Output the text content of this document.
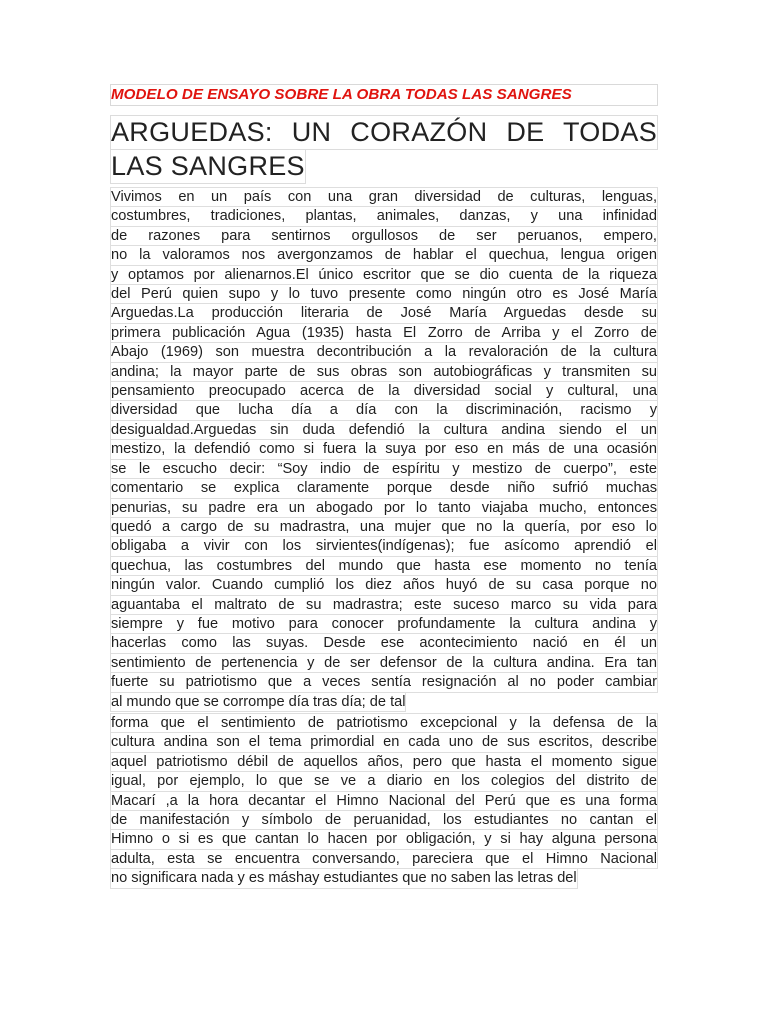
MODELO DE ENSAYO SOBRE LA OBRA TODAS LAS SANGRES
ARGUEDAS: UN CORAZÓN DE TODAS
LAS SANGRES
Vivimos en un país con una gran diversidad de culturas, lenguas,
costumbres, tradiciones, plantas, animales, danzas, y una infinidad
de razones para sentirnos orgullosos de ser peruanos, empero,
no la valoramos nos avergonzamos de hablar el quechua, lengua origen
y optamos por alienarnos.El único escritor que se dio cuenta de la riqueza
del Perú quien supo y lo tuvo presente como ningún otro es José María
Arguedas.La producción literaria de José María Arguedas desde su
primera publicación Agua (1935) hasta El Zorro de Arriba y el Zorro de
Abajo (1969) son muestra decontribución a la revaloración de la cultura
andina; la mayor parte de sus obras son autobiográficas y transmiten su
pensamiento preocupado acerca de la diversidad social y cultural, una
diversidad que lucha día a día con la discriminación, racismo y
desigualdad.Arguedas sin duda defendió la cultura andina siendo el un
mestizo, la defendió como si fuera la suya por eso en más de una ocasión
se le escucho decir: “Soy indio de espíritu y mestizo de cuerpo”, este
comentario se explica claramente porque desde niño sufrió muchas
penurias, su padre era un abogado por lo tanto viajaba mucho, entonces
quedó a cargo de su madrastra, una mujer que no la quería, por eso lo
obligaba a vivir con los sirvientes(indígenas); fue asícomo aprendió el
quechua, las costumbres del mundo que hasta ese momento no tenía
ningún valor. Cuando cumplió los diez años huyó de su casa porque no
aguantaba el maltrato de su madrastra; este suceso marco su vida para
siempre y fue motivo para conocer profundamente la cultura andina y
hacerlas como las suyas. Desde ese acontecimiento nació en él un
sentimiento de pertenencia y de ser defensor de la cultura andina. Era tan
fuerte su patriotismo que a veces sentía resignación al no poder cambiar
al mundo que se corrompe día tras día; de tal
forma que el sentimiento de patriotismo excepcional y la defensa de la
cultura andina son el tema primordial en cada uno de sus escritos, describe
aquel patriotismo débil de aquellos años, pero que hasta el momento sigue
igual, por ejemplo, lo que se ve a diario en los colegios del distrito de
Macarí ,a la hora decantar el Himno Nacional del Perú que es una forma
de manifestación y símbolo de peruanidad, los estudiantes no cantan el
Himno o si es que cantan lo hacen por obligación, y si hay alguna persona
adulta, esta se encuentra conversando, pareciera que el Himno Nacional
no significara nada y es máshay estudiantes que no saben las letras del
